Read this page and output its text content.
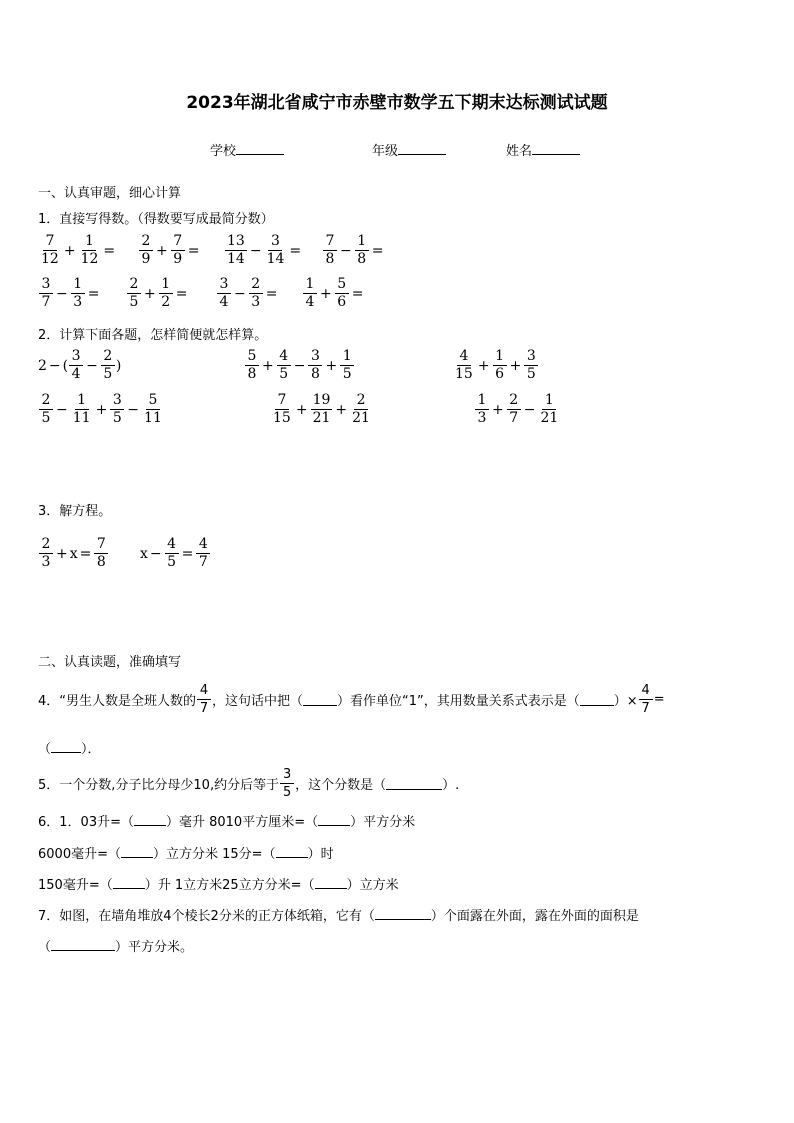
2023年湖北省咸宁市赤壁市数学五下期末达标测试试题
学校	年级	姓名
一、认真审题，细心计算
1．直接写得数。（得数要写成最简分数）
$\frac{7}{12} + \frac{1}{12} = \frac{2}{9} + \frac{7}{9} = \frac{13}{14} - \frac{3}{14} = \frac{7}{8} - \frac{1}{8}$ =
$\frac{3}{7} - \frac{1}{3} = \frac{2}{5} + \frac{1}{2} = \frac{3}{4} - \frac{2}{3} = \frac{1}{4} + \frac{5}{6}$ =
2．计算下面各题，怎样简便就怎样算。
2 − ( $\frac{3}{4} - \frac{2}{5}$ )	$\frac{5}{8} + \frac{4}{5} - \frac{3}{8} + \frac{1}{5}$	$\frac{4}{15} + \frac{1}{6} + \frac{3}{5}$
$\frac{2}{5} - \frac{1}{11} + \frac{3}{5} - \frac{5}{11}$	$\frac{7}{15} + \frac{19}{21} + \frac{2}{21}$	$\frac{1}{3} + \frac{2}{7} - \frac{1}{21}$
3．解方程。
$\frac{2}{3} + x = \frac{7}{8}$ $x - \frac{4}{5} = \frac{4}{7}$
二、认真读题，准确填写
4．“男生人数是全班人数的 $\frac{4}{7}$ ，这句话中把（	）看作单位“1”，其用数量关系式表示是（	）× $\frac{4}{7}$ =
（ ）．
5．一个分数,分子比分母少10,约分后等于 $\frac{3}{5}$ ，这个分数是（	）.
6．1．03升=（ ）毫升 8010平方厘米=（ ）平方分米
6000毫升=（ ）立方分米 15分=（ ）时
150毫升=（ ）升 1立方米25立方分米=（ ）立方米
7．如图，在墙角堆放4个棱长2分米的正方体纸箱，它有（	）个面露在外面，露在外面的面积是
（	）平方分米。
